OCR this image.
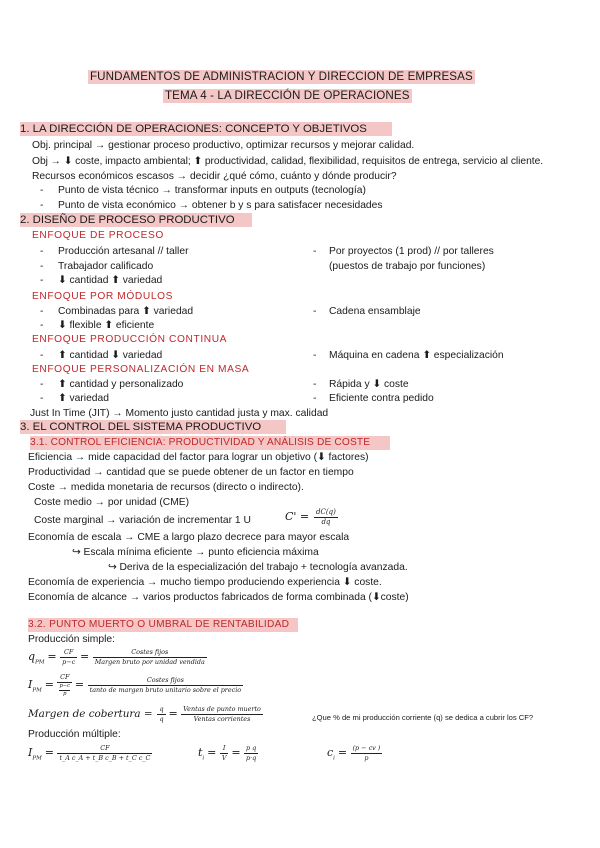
FUNDAMENTOS DE ADMINISTRACION Y DIRECCION DE EMPRESAS
TEMA 4 - LA DIRECCIÓN DE OPERACIONES
1. LA DIRECCIÓN DE OPERACIONES: CONCEPTO Y OBJETIVOS
Obj. principal → gestionar proceso productivo, optimizar recursos y mejorar calidad.
Obj → ⬇ coste, impacto ambiental; ⬆ productividad, calidad, flexibilidad, requisitos de entrega, servicio al cliente.
Recursos económicos escasos → decidir ¿qué cómo, cuánto y dónde producir?
- Punto de vista técnico → transformar inputs en outputs (tecnología)
- Punto de vista económico → obtener b y s para satisfacer necesidades
2. DISEÑO DE PROCESO PRODUCTIVO
ENFOQUE DE PROCESO
- Producción artesanal // taller
- Trabajador calificado
- ⬇ cantidad ⬆ variedad
- Por proyectos (1 prod) // por talleres
(puestos de trabajo por funciones)
ENFOQUE POR MÓDULOS
- Combinadas para ⬆ variedad
- ⬇ flexible ⬆ eficiente
- Cadena ensamblaje
ENFOQUE PRODUCCIÓN CONTINUA
- ⬆ cantidad ⬇ variedad	- Máquina en cadena ⬆ especialización
ENFOQUE PERSONALIZACIÓN EN MASA
- ⬆ cantidad y personalizado
- ⬆ variedad
- Rápida y ⬇ coste
- Eficiente contra pedido
Just In Time (JIT) → Momento justo cantidad justa y max. calidad
3. EL CONTROL DEL SISTEMA PRODUCTIVO
3.1. CONTROL EFICIENCIA: PRODUCTIVIDAD Y ANÁLISIS DE COSTE
Eficiencia → mide capacidad del factor para lograr un objetivo (⬇ factores)
Productividad → cantidad que se puede obtener de un factor en tiempo
Coste → medida monetaria de recursos (directo o indirecto).
Coste medio → por unidad (CME)
Coste marginal → variación de incrementar 1 U	$C' = \frac{dC(q)}{dq}$
Economía de escala → CME a largo plazo decrece para mayor escala
↪ Escala mínima eficiente → punto eficiencia máxima
↪ Deriva de la especialización del trabajo + tecnología avanzada.
Economía de experiencia → mucho tiempo produciendo experiencia ⬇ coste.
Economía de alcance → varios productos fabricados de forma combinada (⬇coste)
3.2. PUNTO MUERTO O UMBRAL DE RENTABILIDAD
Producción simple:
$q_{PM} = \frac{CF}{p-c} = \frac{\text{Costes fijos}}{\text{Margen bruto por unidad vendida}}$
$I_{PM}$ = CF
p−c
$p = \frac{\text{Costes fijos}}{\text{tanto de margen bruto unitario sobre el precio}}$
Margen de cobertura = $\frac{q}{q} = \frac{\text{Ventas de punto muerto}}{\text{Ventas corrientes}}$	¿Que % de mi producción corriente (q) se dedica a cubrir los CF?
Producción múltiple:
$I_{PM} = \frac{CF}{\text{t\_A c\_A + t\_B c\_B + t\_C c\_C}}$	$t_i = \frac{I}{V} = \frac{\text{p q}}{p\cdot q}$	$c_i = \frac{(p - cv )}{p}$
